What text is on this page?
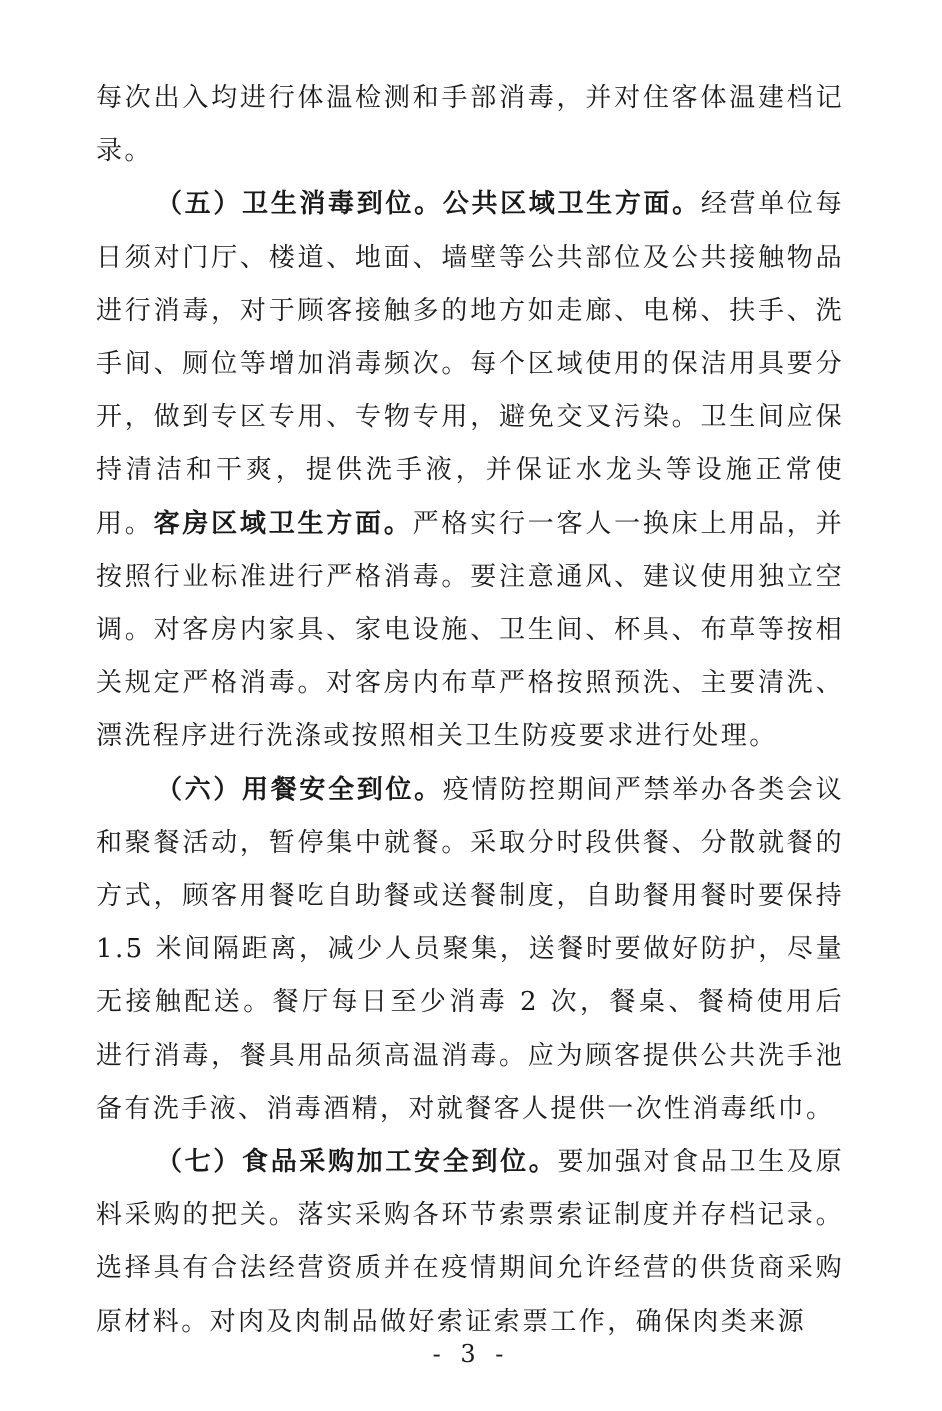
每次出入均进行体温检测和手部消毒，并对住客体温建档记录。

（五）卫生消毒到位。公共区域卫生方面。经营单位每日须对门厅、楼道、地面、墙壁等公共部位及公共接触物品进行消毒，对于顾客接触多的地方如走廊、电梯、扶手、洗手间、厕位等增加消毒频次。每个区域使用的保洁用具要分开，做到专区专用、专物专用，避免交叉污染。卫生间应保持清洁和干爽，提供洗手液，并保证水龙头等设施正常使用。客房区域卫生方面。严格实行一客人一换床上用品，并按照行业标准进行严格消毒。要注意通风、建议使用独立空调。对客房内家具、家电设施、卫生间、杯具、布草等按相关规定严格消毒。对客房内布草严格按照预洗、主要清洗、漂洗程序进行洗涤或按照相关卫生防疫要求进行处理。

（六）用餐安全到位。疫情防控期间严禁举办各类会议和聚餐活动，暂停集中就餐。采取分时段供餐、分散就餐的方式，顾客用餐吃自助餐或送餐制度，自助餐用餐时要保持1.5 米间隔距离，减少人员聚集，送餐时要做好防护，尽量无接触配送。餐厅每日至少消毒 2 次，餐桌、餐椅使用后进行消毒，餐具用品须高温消毒。应为顾客提供公共洗手池备有洗手液、消毒酒精，对就餐客人提供一次性消毒纸巾。

（七）食品采购加工安全到位。要加强对食品卫生及原料采购的把关。落实采购各环节索票索证制度并存档记录。选择具有合法经营资质并在疫情期间允许经营的供货商采购原材料。对肉及肉制品做好索证索票工作，确保肉类来源

- 3 -
